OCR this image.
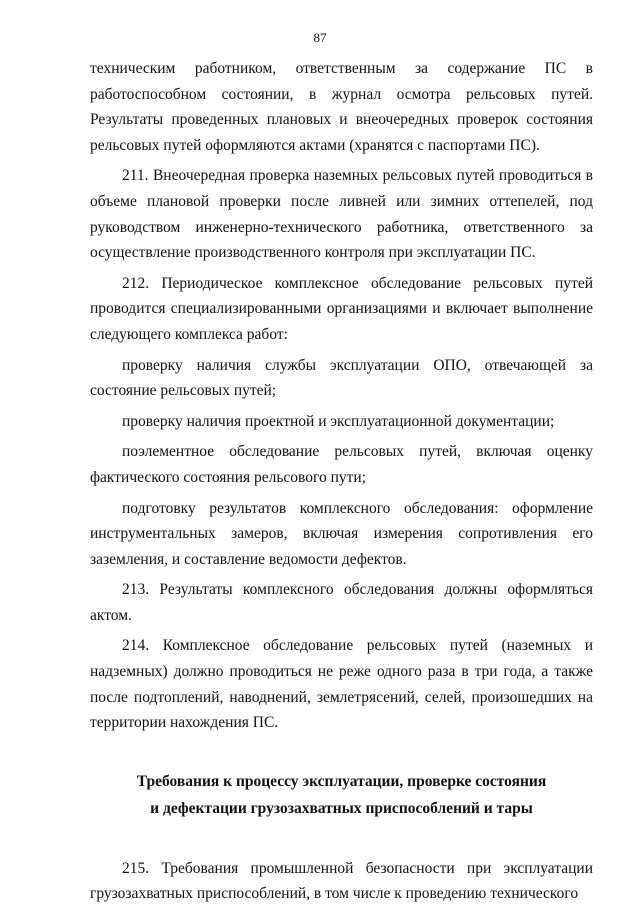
87

техническим работником, ответственным за содержание ПС в работоспособном состоянии, в журнал осмотра рельсовых путей. Результаты проведенных плановых и внеочередных проверок состояния рельсовых путей оформляются актами (хранятся с паспортами ПС).

211. Внеочередная проверка наземных рельсовых путей проводиться в объеме плановой проверки после ливней или зимних оттепелей, под руководством инженерно-технического работника, ответственного за осуществление производственного контроля при эксплуатации ПС.

212. Периодическое комплексное обследование рельсовых путей проводится специализированными организациями и включает выполнение следующего комплекса работ:

проверку наличия службы эксплуатации ОПО, отвечающей за состояние рельсовых путей;

проверку наличия проектной и эксплуатационной документации;

поэлементное обследование рельсовых путей, включая оценку фактического состояния рельсового пути;

подготовку результатов комплексного обследования: оформление инструментальных замеров, включая измерения сопротивления его заземления, и составление ведомости дефектов.

213. Результаты комплексного обследования должны оформляться актом.

214. Комплексное обследование рельсовых путей (наземных и надземных) должно проводиться не реже одного раза в три года, а также после подтоплений, наводнений, землетрясений, селей, произошедших на территории нахождения ПС.

Требования к процессу эксплуатации, проверке состояния
и дефектации грузозахватных приспособлений и тары

215. Требования промышленной безопасности при эксплуатации грузозахватных приспособлений, в том числе к проведению технического
